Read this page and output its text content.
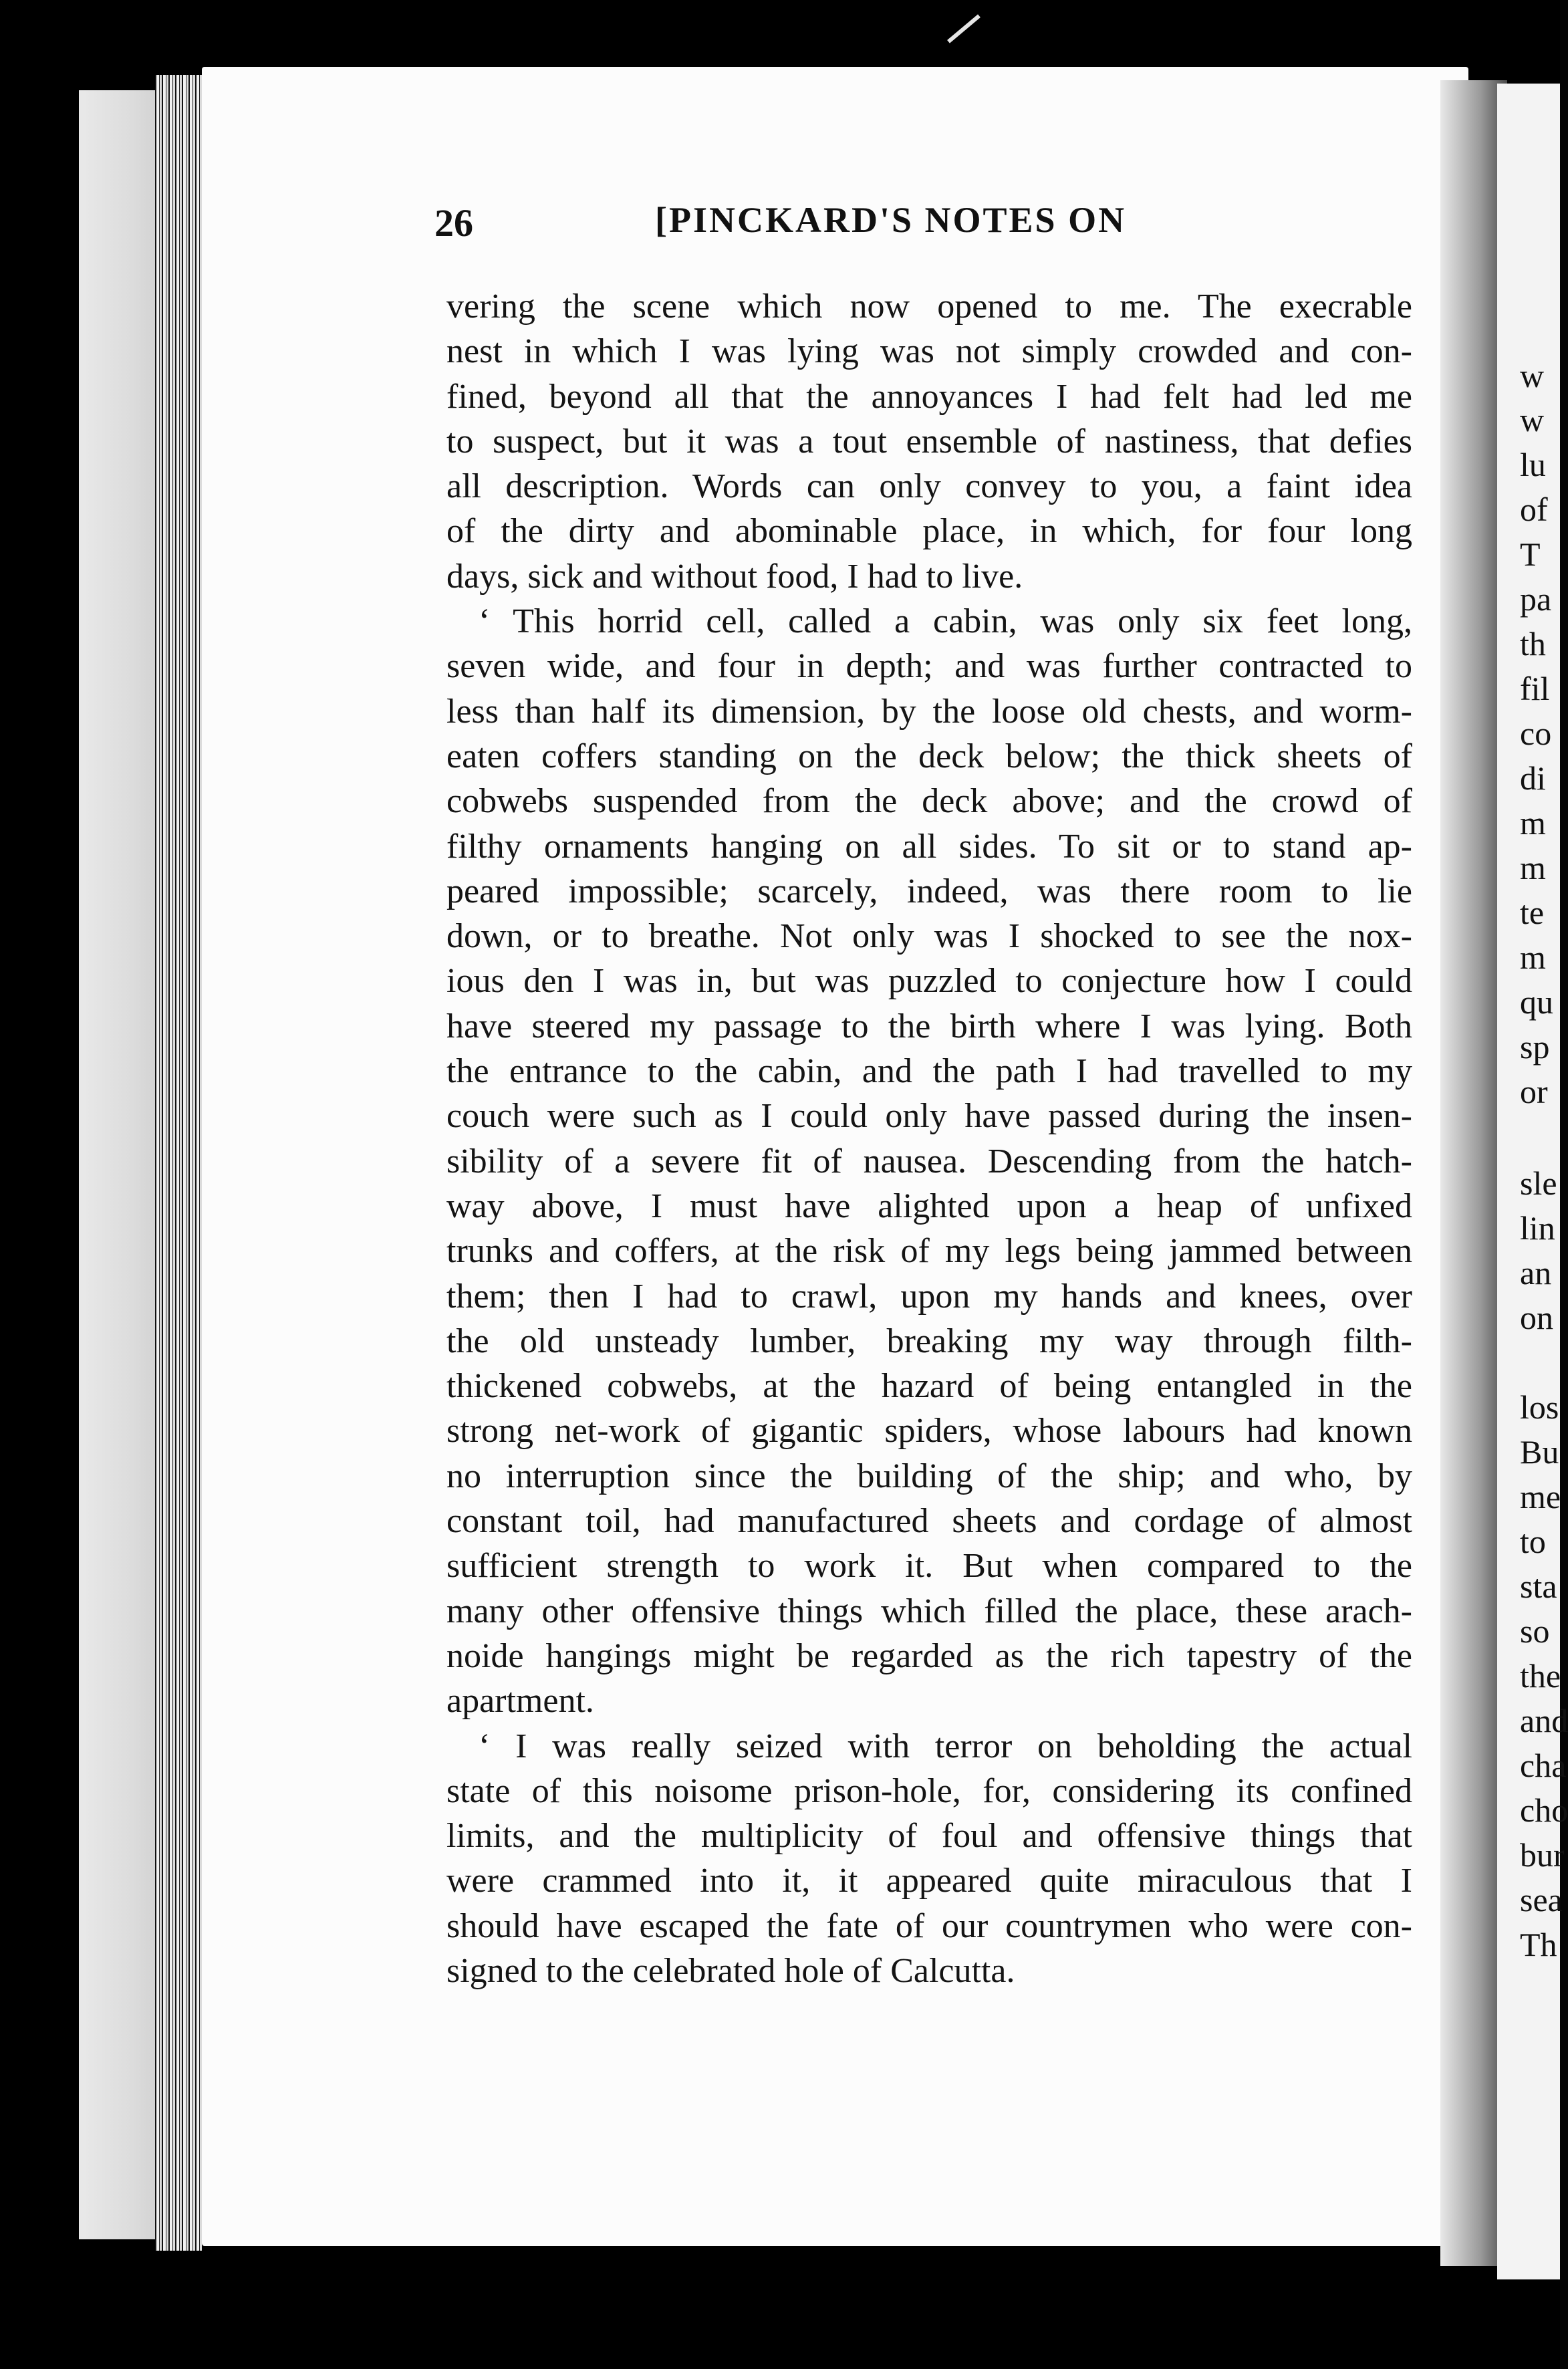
w
w
lu
of
T
pa
th
fil
co
di
m
m
te
m
qu
sp
or
sle
lin
an
on
los
Bu
me
to
sta
so
the
and
cha
cho
bur
sea
Th
26	[PINCKARD'S NOTES ON
vering the scene which now opened to me. The execrable
nest in which I was lying was not simply crowded and con-
fined, beyond all that the annoyances I had felt had led me
to suspect, but it was a tout ensemble of nastiness, that defies
all description. Words can only convey to you, a faint idea
of the dirty and abominable place, in which, for four long
days, sick and without food, I had to live.
‘ This horrid cell, called a cabin, was only six feet long,
seven wide, and four in depth; and was further contracted to
less than half its dimension, by the loose old chests, and worm-
eaten coffers standing on the deck below; the thick sheets of
cobwebs suspended from the deck above; and the crowd of
filthy ornaments hanging on all sides. To sit or to stand ap-
peared impossible; scarcely, indeed, was there room to lie
down, or to breathe. Not only was I shocked to see the nox-
ious den I was in, but was puzzled to conjecture how I could
have steered my passage to the birth where I was lying. Both
the entrance to the cabin, and the path I had travelled to my
couch were such as I could only have passed during the insen-
sibility of a severe fit of nausea. Descending from the hatch-
way above, I must have alighted upon a heap of unfixed
trunks and coffers, at the risk of my legs being jammed between
them; then I had to crawl, upon my hands and knees, over
the old unsteady lumber, breaking my way through filth-
thickened cobwebs, at the hazard of being entangled in the
strong net-work of gigantic spiders, whose labours had known
no interruption since the building of the ship; and who, by
constant toil, had manufactured sheets and cordage of almost
sufficient strength to work it. But when compared to the
many other offensive things which filled the place, these arach-
noide hangings might be regarded as the rich tapestry of the
apartment.
‘ I was really seized with terror on beholding the actual
state of this noisome prison-hole, for, considering its confined
limits, and the multiplicity of foul and offensive things that
were crammed into it, it appeared quite miraculous that I
should have escaped the fate of our countrymen who were con-
signed to the celebrated hole of Calcutta.
